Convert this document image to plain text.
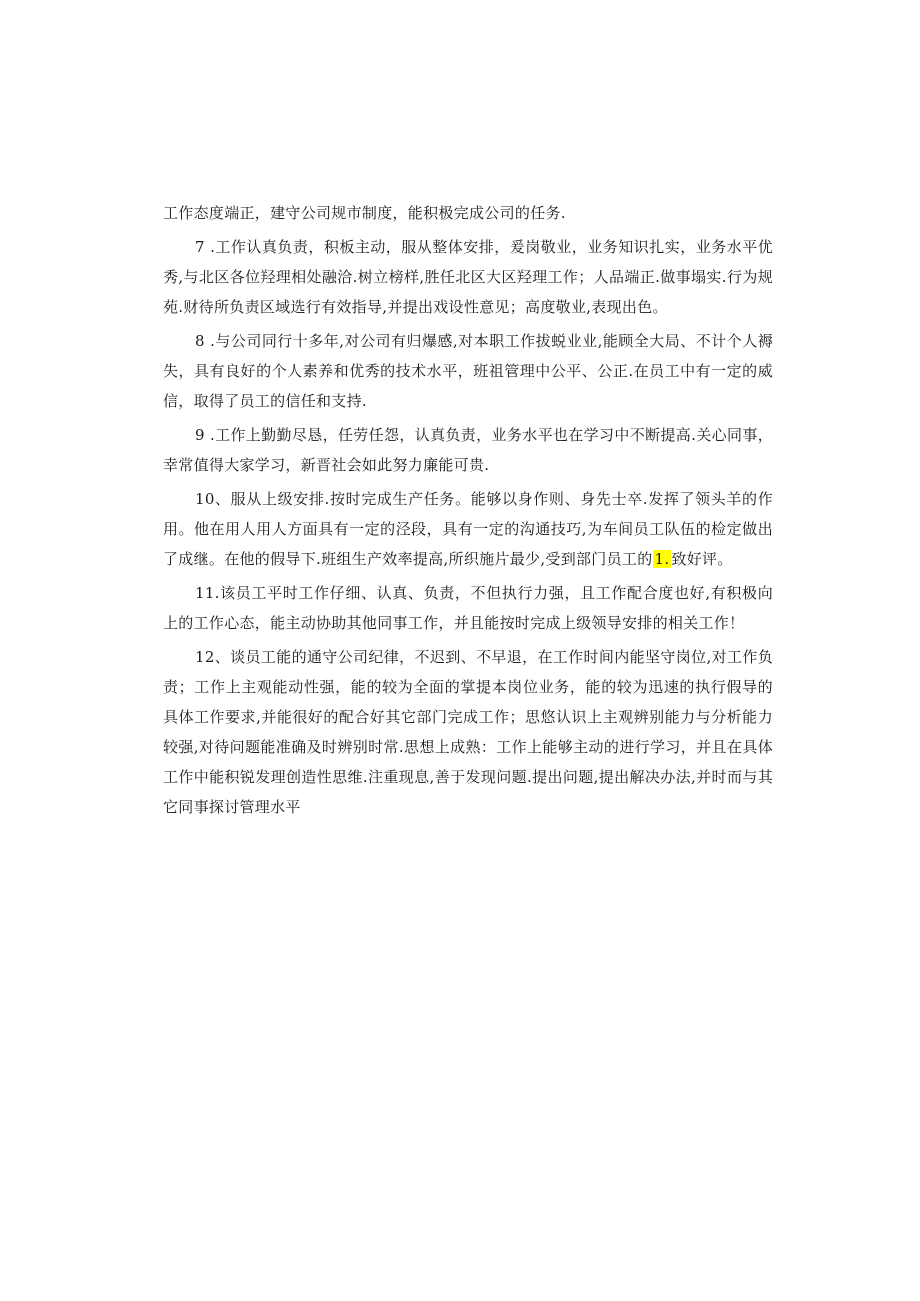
工作态度端正，建守公司规市制度，能积极完成公司的任务.

7 .工作认真负责，积板主动，服从整体安排，爰岗敬业，业务知识扎实，业务水平优秀,与北区各位羟理相处融洽.树立榜样,胜任北区大区羟理工作；人品端正.做事塌实.行为规苑.财待所负责区域选行有效指导,并提出戏设性意见；高度敬业,表现出色。

8 .与公司同行十多年,对公司有归爆感,对本职工作拔蜕业业,能顾全大局、不计个人褥失，具有良好的个人素养和优秀的技术水平，班祖管理中公平、公正.在员工中有一定的威信，取得了员工的信任和支持.

9 .工作上勤勤尽恳，任劳任怨，认真负责，业务水平也在学习中不断提高.关心同事，幸常值得大家学习，新晋社会如此努力廉能可贵.

10、服从上级安排.按时完成生产任务。能够以身作则、身先士卒.发挥了领头羊的作用。他在用人用人方面具有一定的泾段，具有一定的沟通技巧,为车间员工队伍的检定做出了成继。在他的假导下.班组生产效率提高,所织施片最少,受到部门员工的 1. 致好评。

11.该员工平时工作仔细、认真、负责，不但执行力强，且工作配合度也好,有积极向上的工作心态，能主动协助其他同事工作，并且能按时完成上级领导安排的相关工作！

12、谈员工能的通守公司纪律，不迟到、不早退，在工作时间内能坚守岗位,对工作负责；工作上主观能动性强，能的较为全面的掌提本岗位业务，能的较为迅速的执行假导的具体工作要求,并能很好的配合好其它部门完成工作；思悠认识上主观辨别能力与分析能力较强,对待问题能准确及时辨别时常.思想上成熟：工作上能够主动的进行学习，并且在具体工作中能积锐发理创造性思维.注重现息,善于发现问题.提出问题,提出解决办法,并时而与其它同事探讨管理水平
